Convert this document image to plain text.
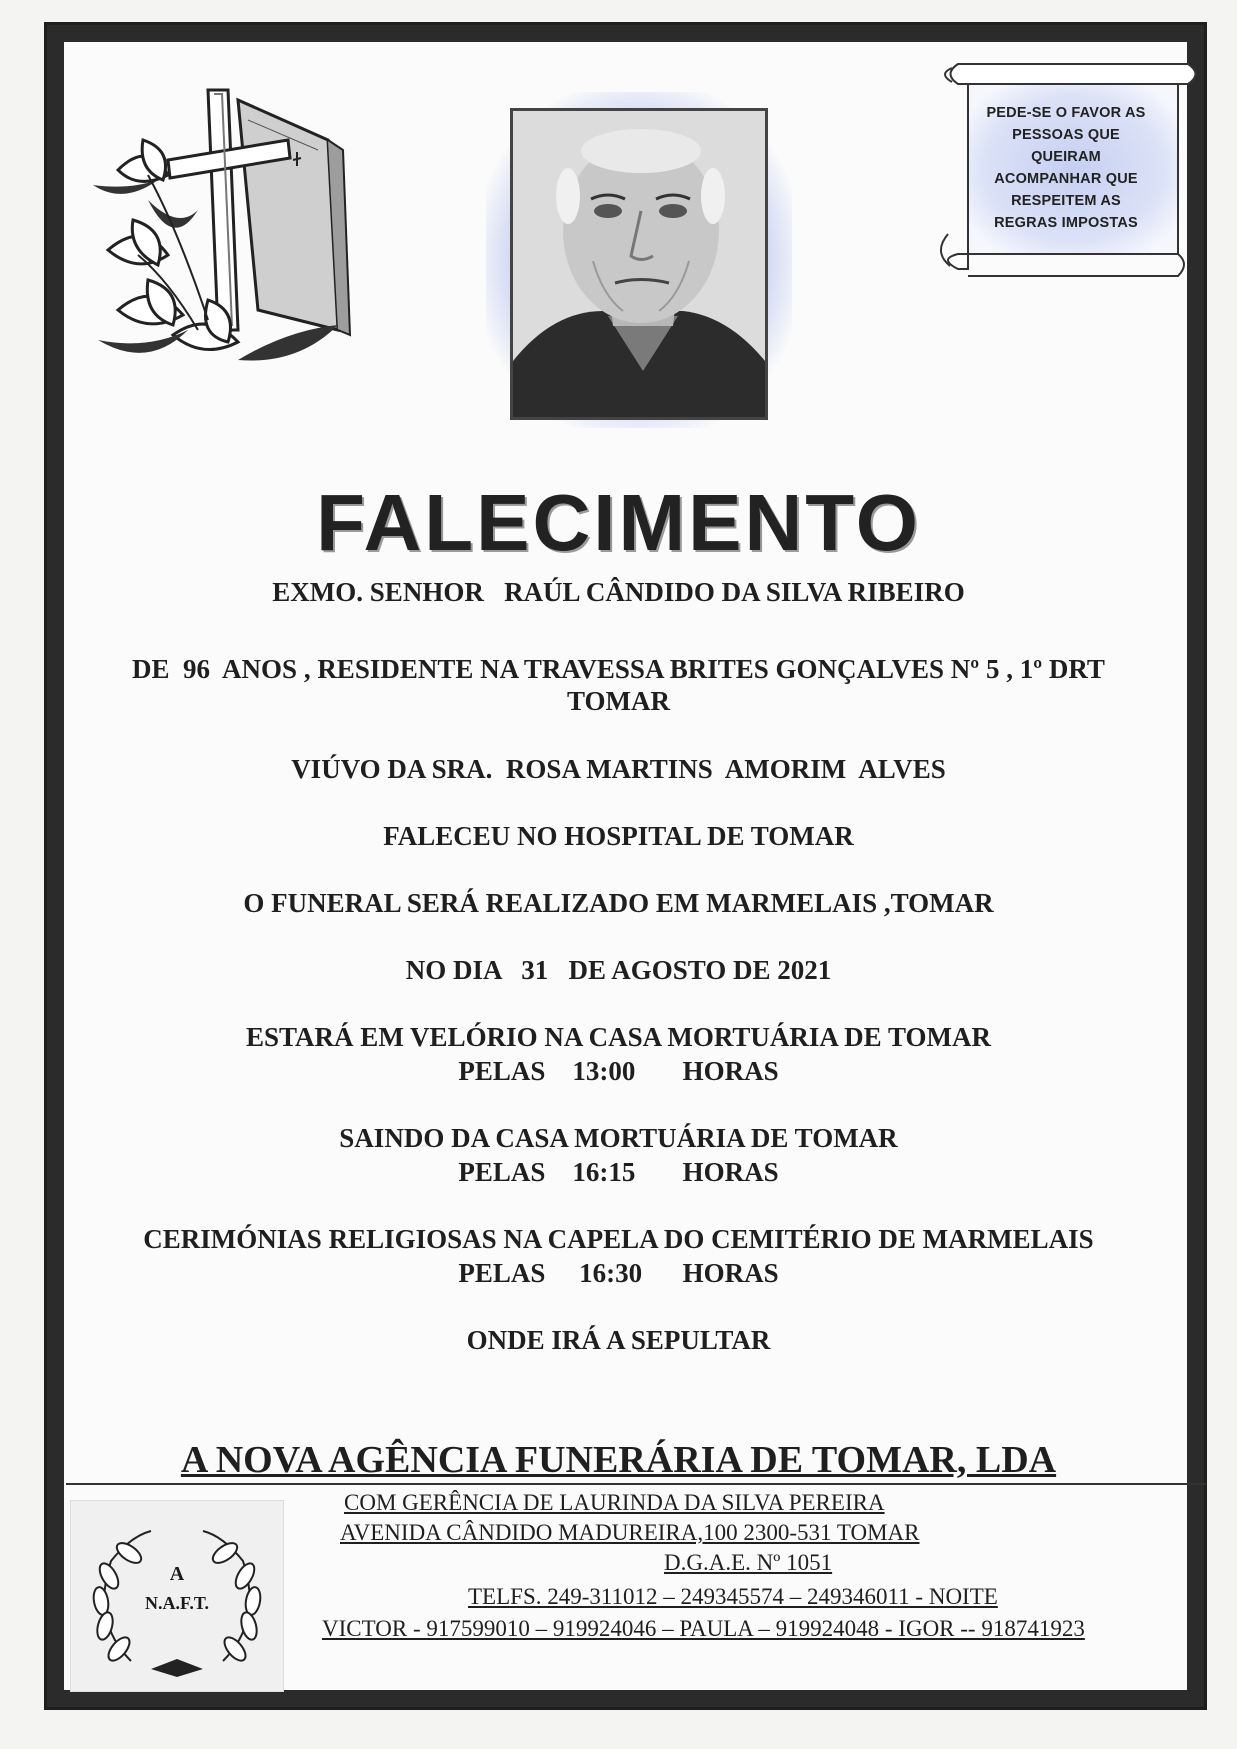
PEDE-SE O FAVOR AS
PESSOAS QUE
QUEIRAM
ACOMPANHAR QUE
RESPEITEM AS
REGRAS IMPOSTAS
FALECIMENTO
EXMO. SENHOR   RAÚL CÂNDIDO DA SILVA RIBEIRO
DE  96  ANOS , RESIDENTE NA TRAVESSA BRITES GONÇALVES Nº 5 , 1º DRT
TOMAR
VIÚVO DA SRA.  ROSA MARTINS  AMORIM  ALVES
FALECEU NO HOSPITAL DE TOMAR
O FUNERAL SERÁ REALIZADO EM MARMELAIS ,TOMAR
NO DIA   31   DE AGOSTO DE 2021
ESTARÁ EM VELÓRIO NA CASA MORTUÁRIA DE TOMAR
PELAS    13:00       HORAS
SAINDO DA CASA MORTUÁRIA DE TOMAR
PELAS    16:15       HORAS
CERIMÓNIAS RELIGIOSAS NA CAPELA DO CEMITÉRIO DE MARMELAIS
PELAS     16:30      HORAS
ONDE IRÁ A SEPULTAR
A NOVA AGÊNCIA FUNERÁRIA DE TOMAR, LDA
A
N.A.F.T.
COM GERÊNCIA DE LAURINDA DA SILVA PEREIRA
AVENIDA CÂNDIDO MADUREIRA,100 2300-531 TOMAR
D.G.A.E. Nº 1051
TELFS. 249-311012 – 249345574 – 249346011 - NOITE
VICTOR - 917599010 – 919924046 – PAULA – 919924048 - IGOR -- 918741923
